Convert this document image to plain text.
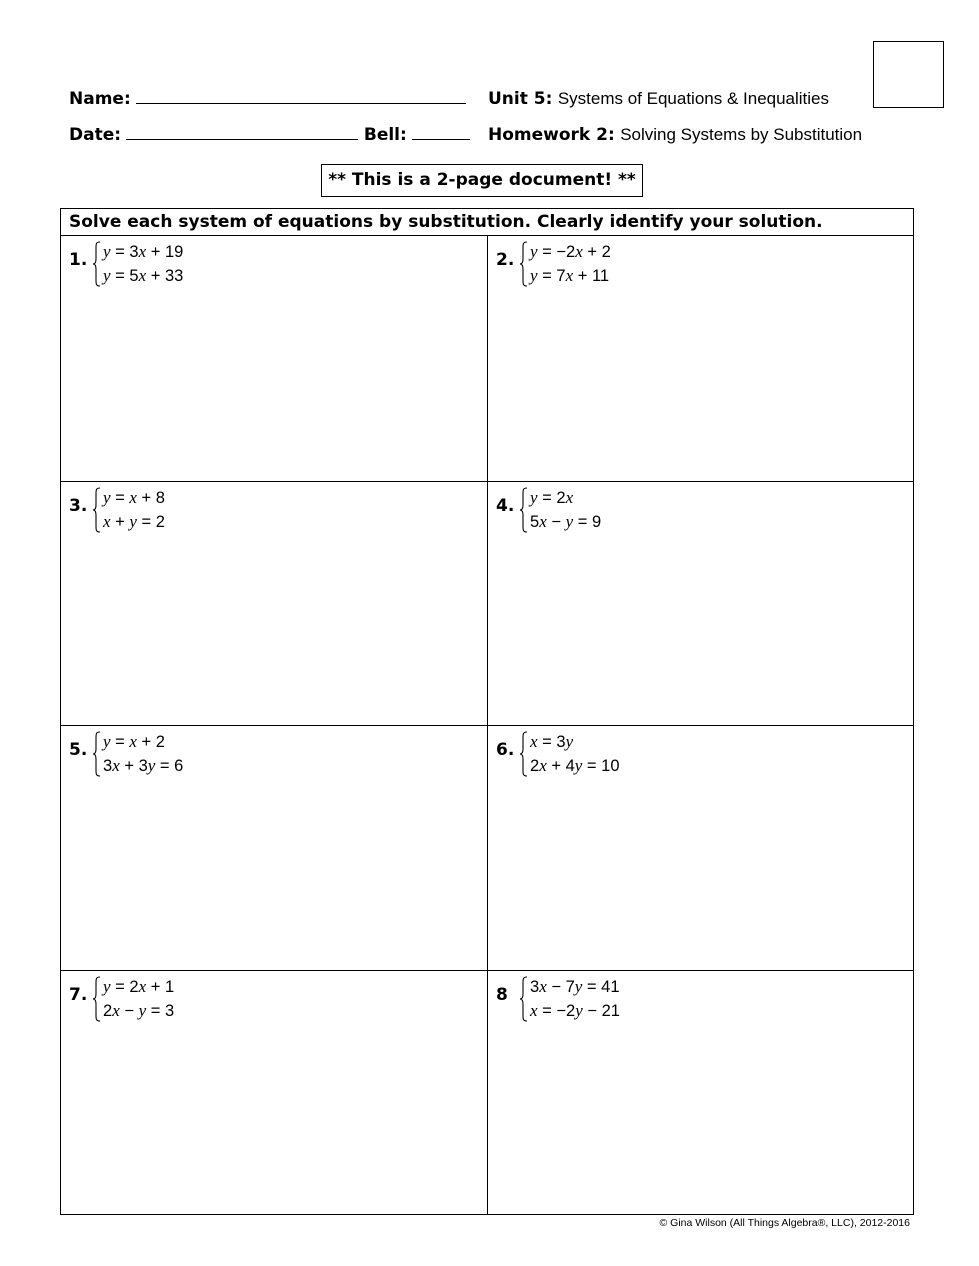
Name:
Date:	Bell:
Unit 5: Systems of Equations & Inequalities
Homework 2: Solving Systems by Substitution
** This is a 2-page document! **
Solve each system of equations by substitution. Clearly identify your solution.
1. y = 3x + 19
y = 5x + 33
2. y = −2x + 2
y = 7x + 11
3. y = x + 8
x + y = 2
4. y = 2x
5x − y = 9
5. y = x + 2
3x + 3y = 6
6. x = 3y
2x + 4y = 10
7. y = 2x + 1
2x − y = 3
8 3x − 7y = 41
x = −2y − 21
© Gina Wilson (All Things Algebra®, LLC), 2012-2016
